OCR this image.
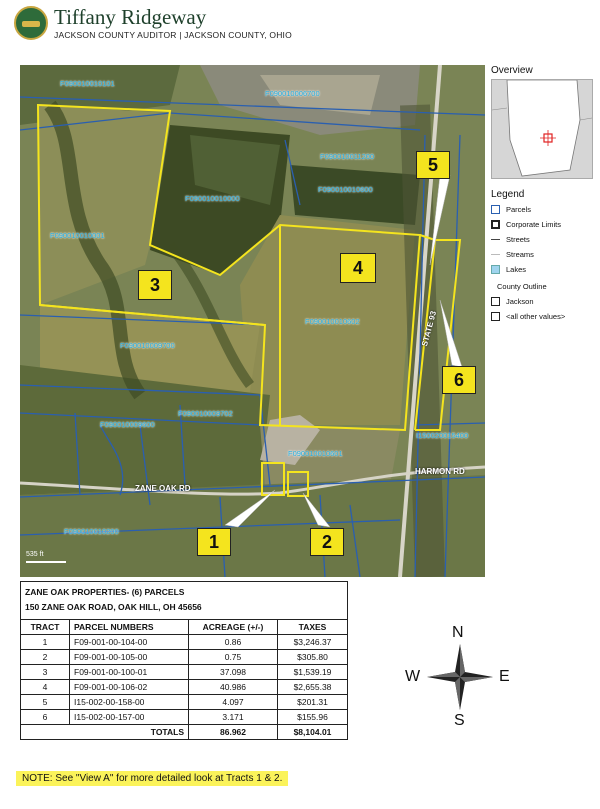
Tiffany Ridgeway
JACKSON COUNTY AUDITOR | JACKSON COUNTY, OHIO
F090010010101
F090010006700
F090010011200
F090010010000
F090010010600
F090010010001
F090010010602
F090010009700
F090010009702
F090010009600
F090010010601
I150020015400
F090010010200
ZANE OAK RD
HARMON RD
STATE 93
1	2
3
4
5
6
535 ft
Overview
Legend
Parcels
Corporate Limits
Streets
Streams
Lakes
County Outline
Jackson
<all other values>
ZANE OAK PROPERTIES- (6) PARCELS
150 ZANE OAK ROAD, OAK HILL, OH 45656
TRACT	PARCEL NUMBERS	ACREAGE (+/-)	TAXES
1	F09-001-00-104-00	0.86	$3,246.37
2	F09-001-00-105-00	0.75	$305.80
3	F09-001-00-100-01	37.098	$1,539.19
4	F09-001-00-106-02	40.986	$2,655.38
5	I15-002-00-158-00	4.097	$201.31
6	I15-002-00-157-00	3.171	$155.96
	TOTALS	86.962	$8,104.01
N
S
W	E
NOTE: See "View A" for more detailed look at Tracts 1 & 2.
